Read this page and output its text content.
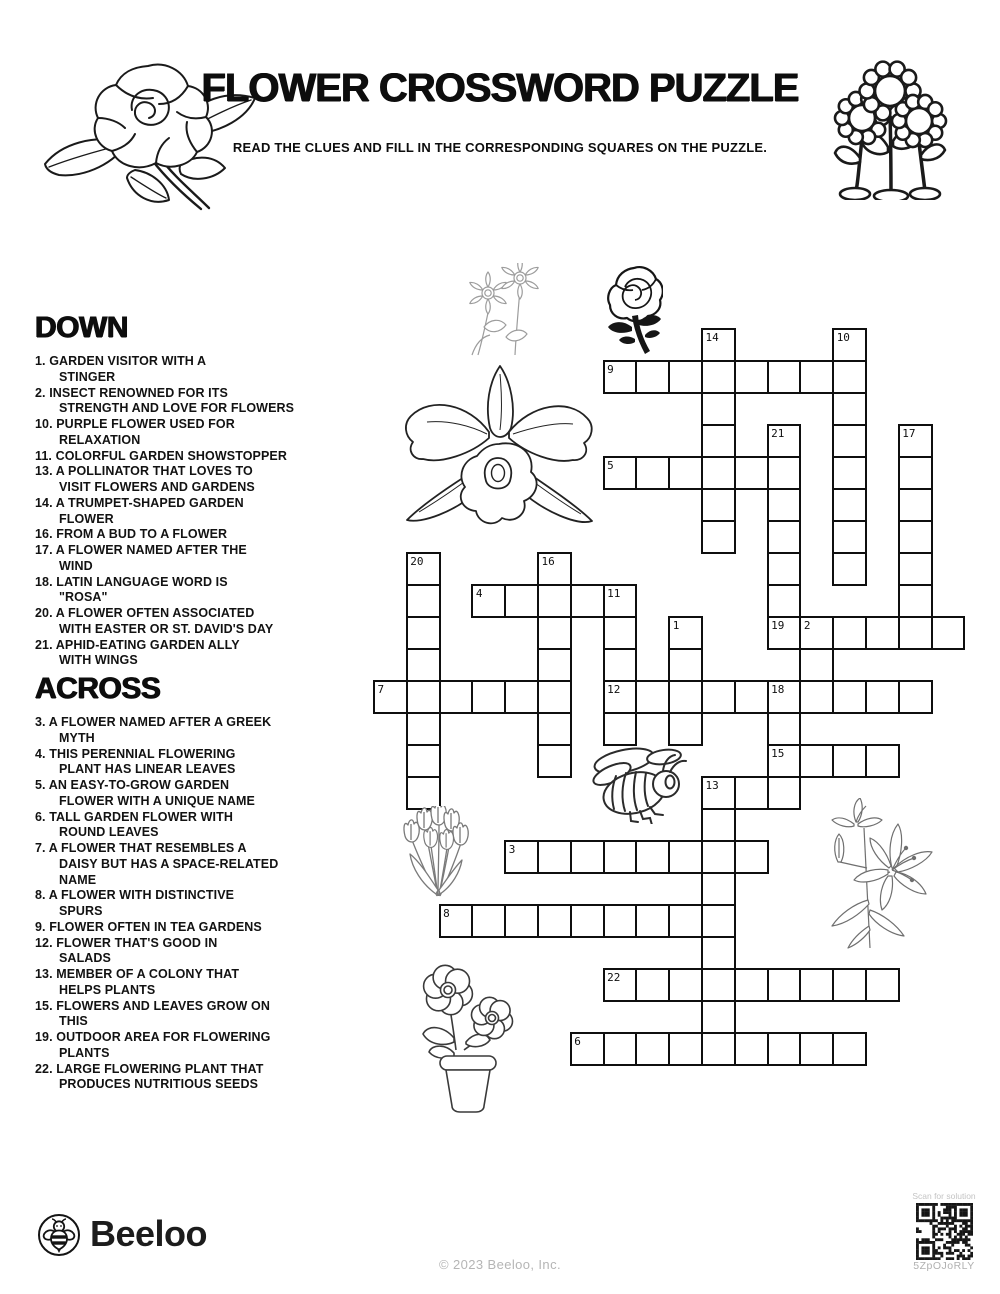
FLOWER CROSSWORD PUZZLE
READ THE CLUES AND FILL IN THE CORRESPONDING SQUARES ON THE PUZZLE.
DOWN
1. GARDEN VISITOR WITH A
STINGER
2. INSECT RENOWNED FOR ITS
STRENGTH AND LOVE FOR FLOWERS
10. PURPLE FLOWER USED FOR
RELAXATION
11. COLORFUL GARDEN SHOWSTOPPER
13. A POLLINATOR THAT LOVES TO
VISIT FLOWERS AND GARDENS
14. A TRUMPET-SHAPED GARDEN
FLOWER
16. FROM A BUD TO A FLOWER
17. A FLOWER NAMED AFTER THE
WIND
18. LATIN LANGUAGE WORD IS
"ROSA"
20. A FLOWER OFTEN ASSOCIATED
WITH EASTER OR ST. DAVID'S DAY
21. APHID-EATING GARDEN ALLY
WITH WINGS
ACROSS
3. A FLOWER NAMED AFTER A GREEK
MYTH
4. THIS PERENNIAL FLOWERING
PLANT HAS LINEAR LEAVES
5. AN EASY-TO-GROW GARDEN
FLOWER WITH A UNIQUE NAME
6. TALL GARDEN FLOWER WITH
ROUND LEAVES
7. A FLOWER THAT RESEMBLES A
DAISY BUT HAS A SPACE-RELATED
NAME
8. A FLOWER WITH DISTINCTIVE
SPURS
9. FLOWER OFTEN IN TEA GARDENS
12. FLOWER THAT'S GOOD IN
SALADS
13. MEMBER OF A COLONY THAT
HELPS PLANTS
15. FLOWERS AND LEAVES GROW ON
THIS
19. OUTDOOR AREA FOR FLOWERING
PLANTS
22. LARGE FLOWERING PLANT THAT
PRODUCES NUTRITIOUS SEEDS
1	2
3
4
5
6
7
8
9
10
11
12
13
14
15
16
17
18
19
20
21
22
Beeloo
© 2023 Beeloo, Inc.
Scan for solution
5ZpOJoRLY
